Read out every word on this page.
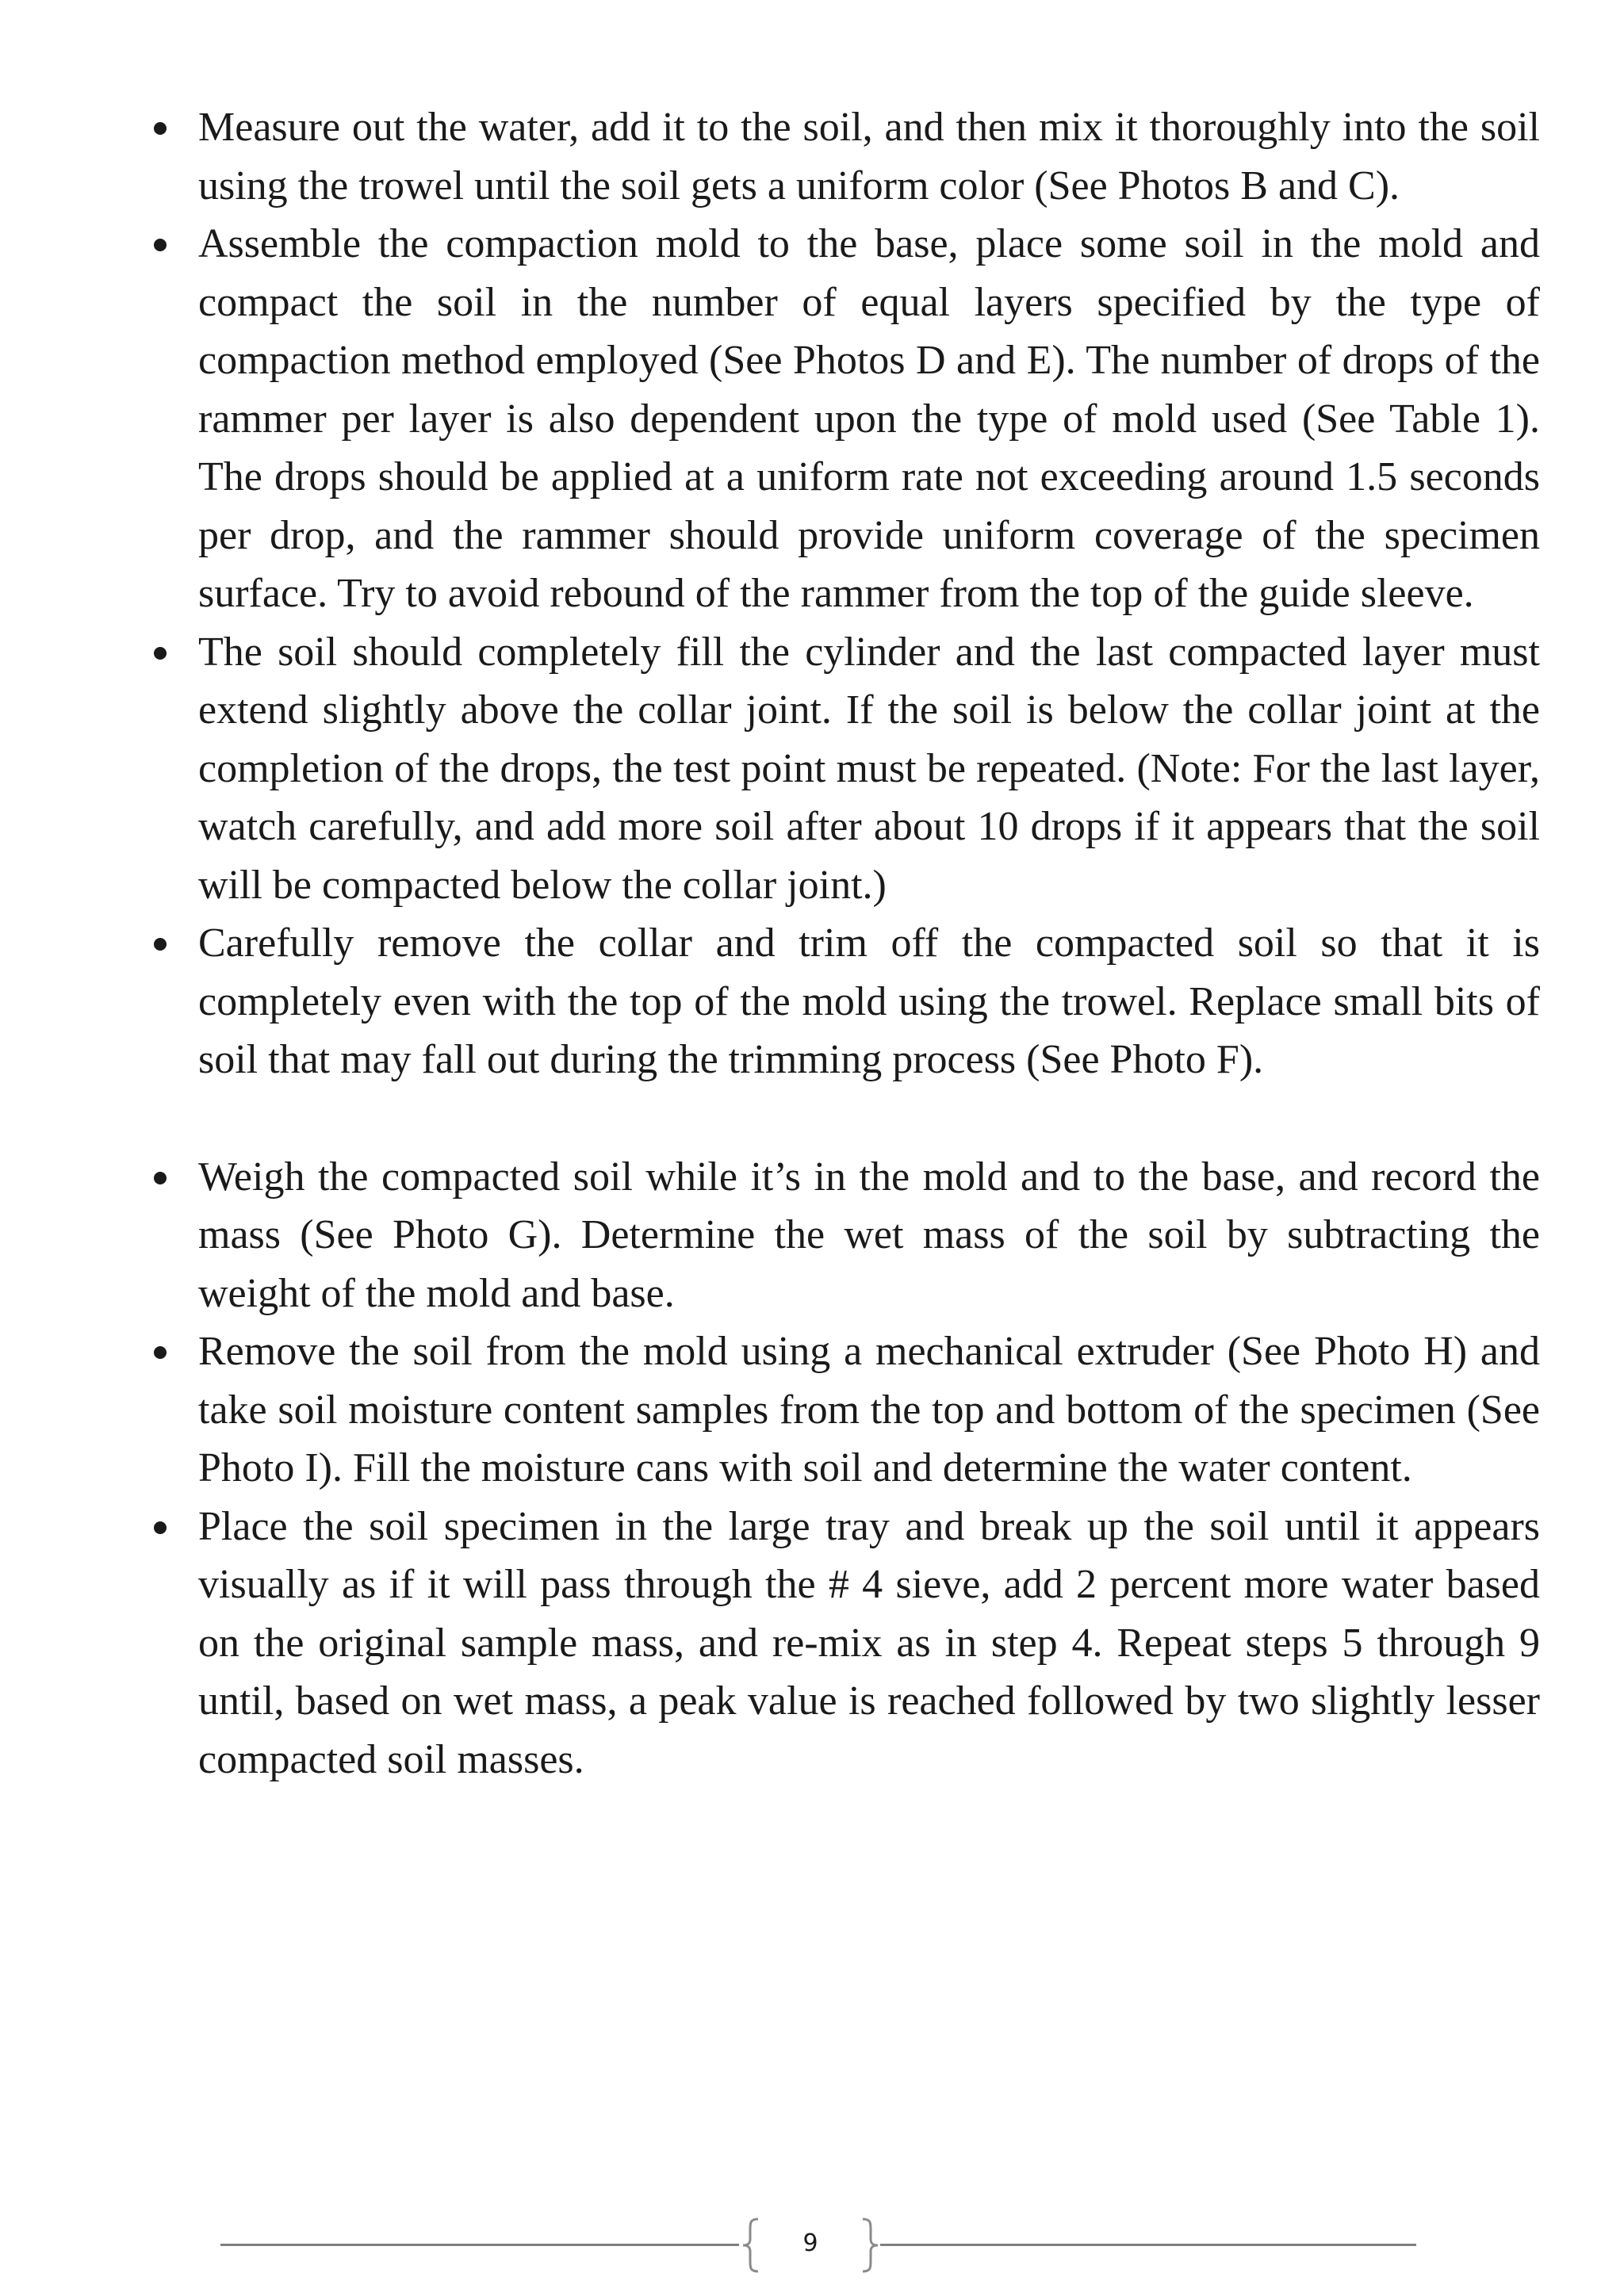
Measure out the water, add it to the soil, and then mix it thoroughly into the soil using the trowel until the soil gets a uniform color (See Photos B and C).
Assemble the compaction mold to the base, place some soil in the mold and compact the soil in the number of equal layers specified by the type of compaction method employed (See Photos D and E). The number of drops of the rammer per layer is also dependent upon the type of mold used (See Table 1). The drops should be applied at a uniform rate not exceeding around 1.5 seconds per drop, and the rammer should provide uniform coverage of the specimen surface. Try to avoid rebound of the rammer from the top of the guide sleeve.
The soil should completely fill the cylinder and the last compacted layer must extend slightly above the collar joint. If the soil is below the collar joint at the completion of the drops, the test point must be repeated. (Note: For the last layer, watch carefully, and add more soil after about 10 drops if it appears that the soil will be compacted below the collar joint.)
Carefully remove the collar and trim off the compacted soil so that it is completely even with the top of the mold using the trowel. Replace small bits of soil that may fall out during the trimming process (See Photo F).
Weigh the compacted soil while it’s in the mold and to the base, and record the mass (See Photo G). Determine the wet mass of the soil by subtracting the weight of the mold and base.
Remove the soil from the mold using a mechanical extruder (See Photo H) and take soil moisture content samples from the top and bottom of the specimen (See Photo I). Fill the moisture cans with soil and determine the water content.
Place the soil specimen in the large tray and break up the soil until it appears visually as if it will pass through the # 4 sieve, add 2 percent more water based on the original sample mass, and re-mix as in step 4. Repeat steps 5 through 9 until, based on wet mass, a peak value is reached followed by two slightly lesser compacted soil masses.
9
